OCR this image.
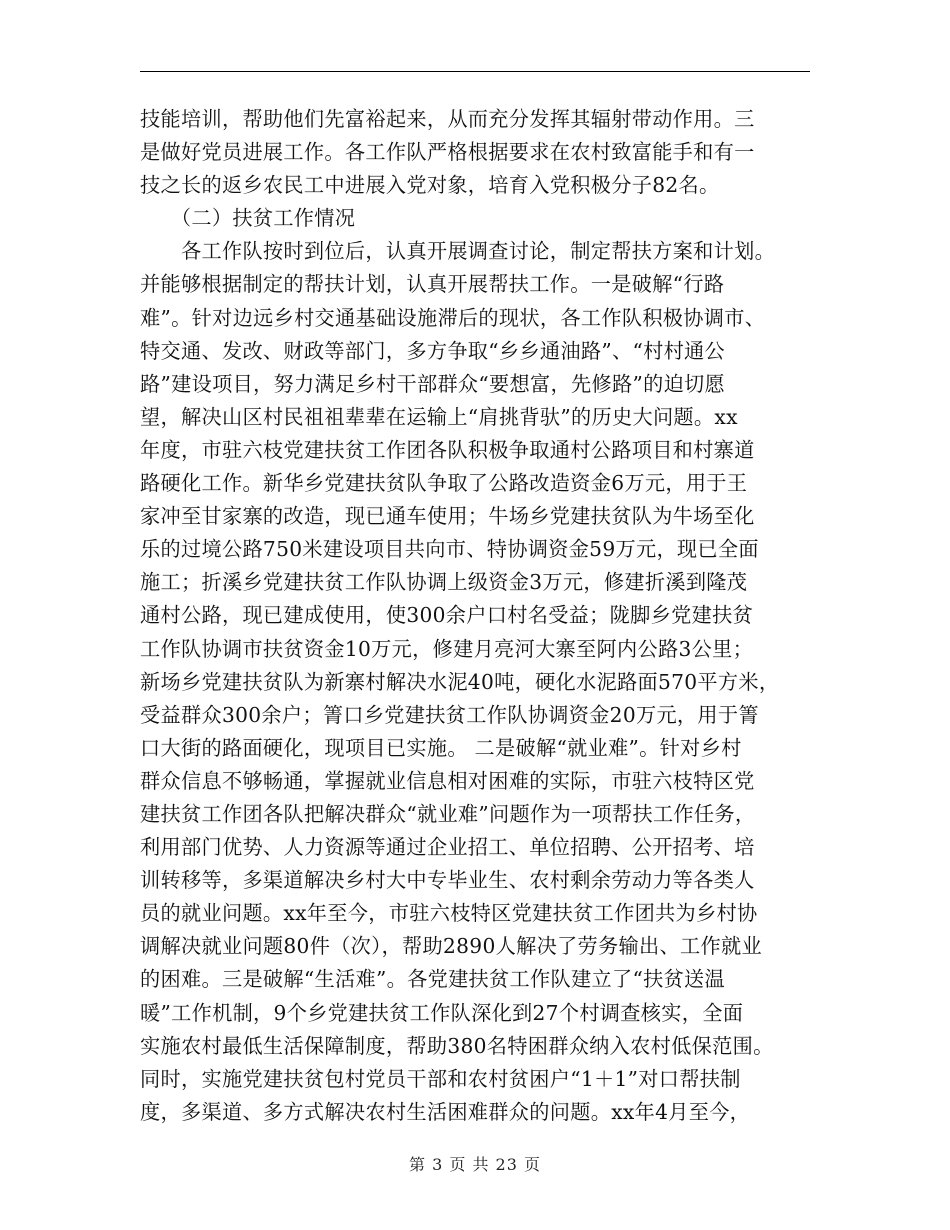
技能培训，帮助他们先富裕起来，从而充分发挥其辐射带动作用。三
是做好党员进展工作。各工作队严格根据要求在农村致富能手和有一
技之长的返乡农民工中进展入党对象，培育入党积极分子82名。
　　（二）扶贫工作情况
　　各工作队按时到位后，认真开展调查讨论，制定帮扶方案和计划。
并能够根据制定的帮扶计划，认真开展帮扶工作。一是破解“行路
难”。针对边远乡村交通基础设施滞后的现状，各工作队积极协调市、
特交通、发改、财政等部门，多方争取“乡乡通油路”、“村村通公
路”建设项目，努力满足乡村干部群众“要想富，先修路”的迫切愿
望，解决山区村民祖祖辈辈在运输上“肩挑背驮”的历史大问题。xx
年度，市驻六枝党建扶贫工作团各队积极争取通村公路项目和村寨道
路硬化工作。新华乡党建扶贫队争取了公路改造资金6万元，用于王
家冲至甘家寨的改造，现已通车使用；牛场乡党建扶贫队为牛场至化
乐的过境公路750米建设项目共向市、特协调资金59万元，现已全面
施工；折溪乡党建扶贫工作队协调上级资金3万元，修建折溪到隆茂
通村公路，现已建成使用，使300余户口村名受益；陇脚乡党建扶贫
工作队协调市扶贫资金10万元，修建月亮河大寨至阿内公路3公里；
新场乡党建扶贫队为新寨村解决水泥40吨，硬化水泥路面570平方米，
受益群众300余户；箐口乡党建扶贫工作队协调资金20万元，用于箐
口大街的路面硬化，现项目已实施。 二是破解“就业难”。针对乡村
群众信息不够畅通，掌握就业信息相对困难的实际，市驻六枝特区党
建扶贫工作团各队把解决群众“就业难”问题作为一项帮扶工作任务，
利用部门优势、人力资源等通过企业招工、单位招聘、公开招考、培
训转移等，多渠道解决乡村大中专毕业生、农村剩余劳动力等各类人
员的就业问题。xx年至今，市驻六枝特区党建扶贫工作团共为乡村协
调解决就业问题80件（次），帮助2890人解决了劳务输出、工作就业
的困难。三是破解“生活难”。各党建扶贫工作队建立了“扶贫送温
暖”工作机制，9个乡党建扶贫工作队深化到27个村调查核实，全面
实施农村最低生活保障制度，帮助380名特困群众纳入农村低保范围。
同时，实施党建扶贫包村党员干部和农村贫困户“1＋1”对口帮扶制
度，多渠道、多方式解决农村生活困难群众的问题。xx年4月至今，
第 3 页 共 23 页
